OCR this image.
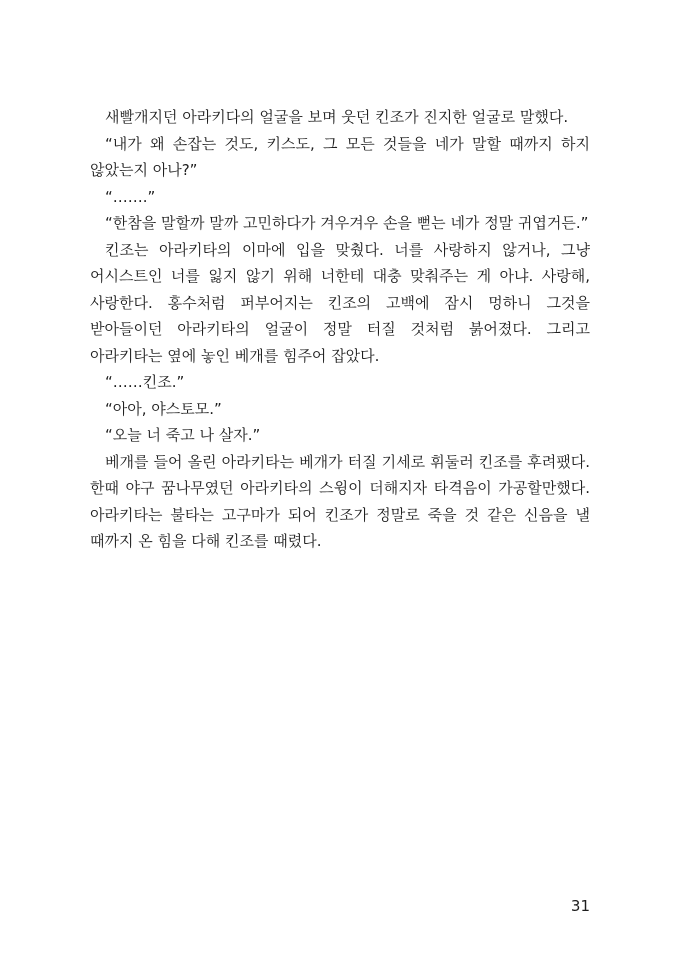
새빨개지던 아라키다의 얼굴을 보며 웃던 킨조가 진지한 얼굴로 말했다.

“내가 왜 손잡는 것도, 키스도, 그 모든 것들을 네가 말할 때까지 하지 않았는지 아나?”

“…….”

“한참을 말할까 말까 고민하다가 겨우겨우 손을 뻗는 네가 정말 귀엽거든.”

킨조는 아라키타의 이마에 입을 맞췄다. 너를 사랑하지 않거나, 그냥 어시스트인 너를 잃지 않기 위해 너한테 대충 맞춰주는 게 아냐. 사랑해, 사랑한다. 홍수처럼 퍼부어지는 킨조의 고백에 잠시 멍하니 그것을 받아들이던 아라키타의 얼굴이 정말 터질 것처럼 붉어졌다. 그리고 아라키타는 옆에 놓인 베개를 힘주어 잡았다.

“……킨조.”

“아아, 야스토모.”

“오늘 너 죽고 나 살자.”

베개를 들어 올린 아라키타는 베개가 터질 기세로 휘둘러 킨조를 후려팼다. 한때 야구 꿈나무였던 아라키타의 스윙이 더해지자 타격음이 가공할만했다. 아라키타는 불타는 고구마가 되어 킨조가 정말로 죽을 것 같은 신음을 낼 때까지 온 힘을 다해 킨조를 때렸다.

31
